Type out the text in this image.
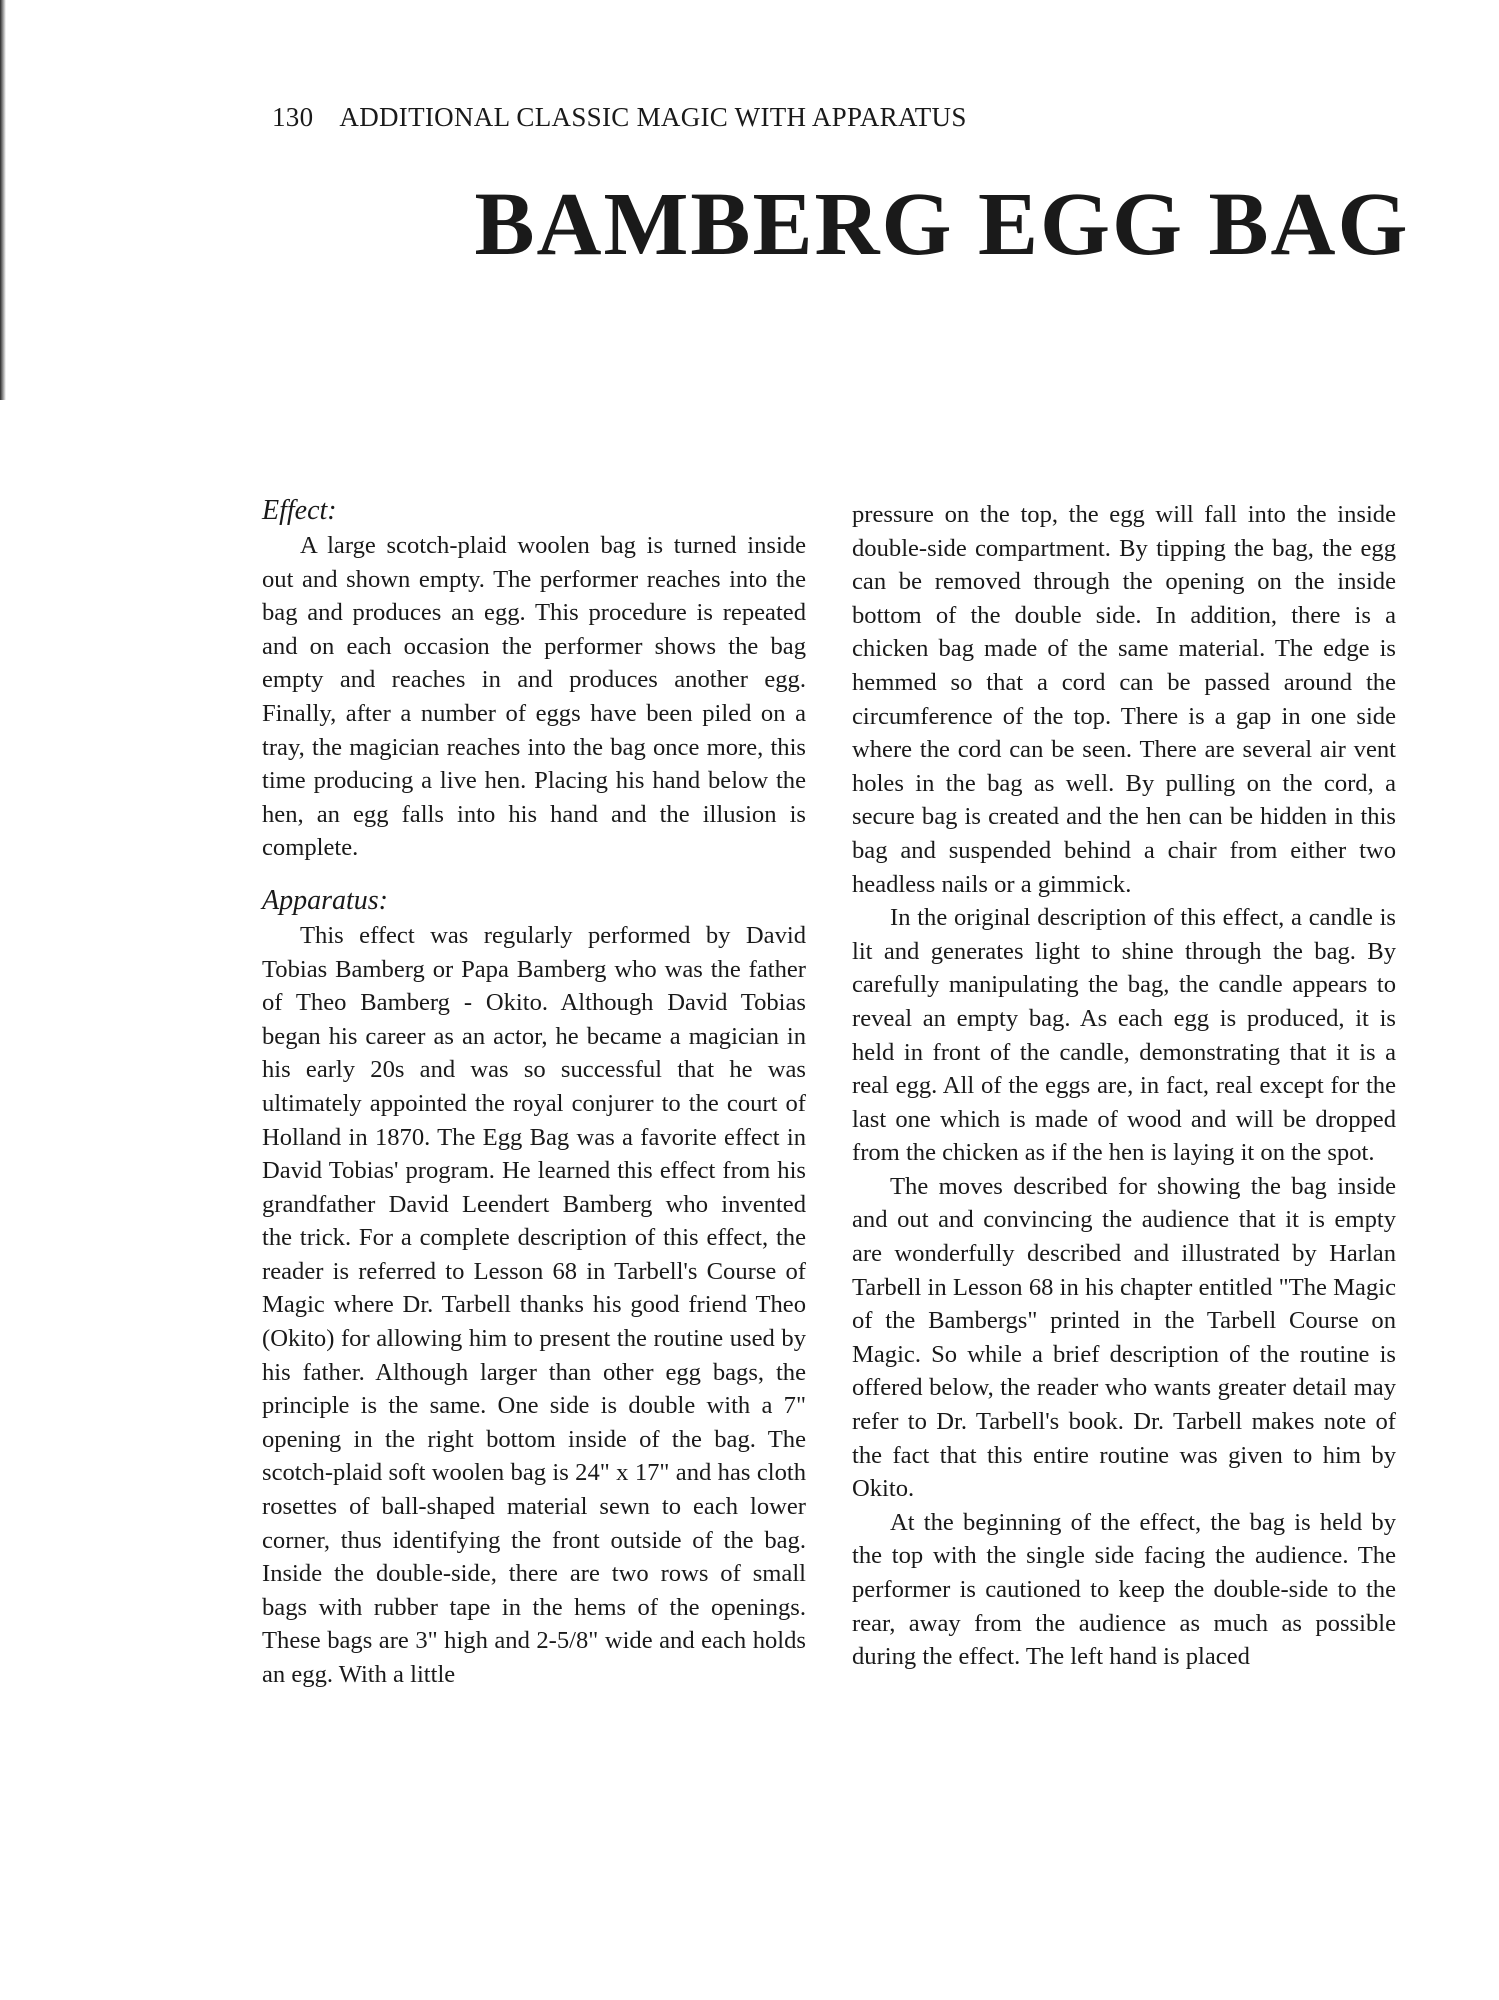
130 ADDITIONAL CLASSIC MAGIC WITH APPARATUS
BAMBERG EGG BAG
Effect:

A large scotch-plaid woolen bag is turned inside out and shown empty. The performer reaches into the bag and produces an egg. This procedure is repeated and on each occasion the performer shows the bag empty and reaches in and produces another egg. Finally, after a number of eggs have been piled on a tray, the magician reaches into the bag once more, this time producing a live hen. Placing his hand below the hen, an egg falls into his hand and the illusion is complete.

Apparatus:

This effect was regularly performed by David Tobias Bamberg or Papa Bamberg who was the father of Theo Bamberg - Okito. Although David Tobias began his career as an actor, he became a magician in his early 20s and was so successful that he was ultimately appointed the royal conjurer to the court of Holland in 1870. The Egg Bag was a favorite effect in David Tobias' program. He learned this effect from his grandfather David Leendert Bamberg who invented the trick. For a complete description of this effect, the reader is referred to Lesson 68 in Tarbell's Course of Magic where Dr. Tarbell thanks his good friend Theo (Okito) for allowing him to present the routine used by his father. Although larger than other egg bags, the principle is the same. One side is double with a 7" opening in the right bottom inside of the bag. The scotch-plaid soft woolen bag is 24" x 17" and has cloth rosettes of ball-shaped material sewn to each lower corner, thus identifying the front outside of the bag. Inside the double-side, there are two rows of small bags with rubber tape in the hems of the openings. These bags are 3" high and 2-5/8" wide and each holds an egg. With a little

pressure on the top, the egg will fall into the inside double-side compartment. By tipping the bag, the egg can be removed through the opening on the inside bottom of the double side. In addition, there is a chicken bag made of the same material. The edge is hemmed so that a cord can be passed around the circumference of the top. There is a gap in one side where the cord can be seen. There are several air vent holes in the bag as well. By pulling on the cord, a secure bag is created and the hen can be hidden in this bag and suspended behind a chair from either two headless nails or a gimmick.

In the original description of this effect, a candle is lit and generates light to shine through the bag. By carefully manipulating the bag, the candle appears to reveal an empty bag. As each egg is produced, it is held in front of the candle, demonstrating that it is a real egg. All of the eggs are, in fact, real except for the last one which is made of wood and will be dropped from the chicken as if the hen is laying it on the spot.

The moves described for showing the bag inside and out and convincing the audience that it is empty are wonderfully described and illustrated by Harlan Tarbell in Lesson 68 in his chapter entitled "The Magic of the Bambergs" printed in the Tarbell Course on Magic. So while a brief description of the routine is offered below, the reader who wants greater detail may refer to Dr. Tarbell's book. Dr. Tarbell makes note of the fact that this entire routine was given to him by Okito.

At the beginning of the effect, the bag is held by the top with the single side facing the audience. The performer is cautioned to keep the double-side to the rear, away from the audience as much as possible during the effect. The left hand is placed
